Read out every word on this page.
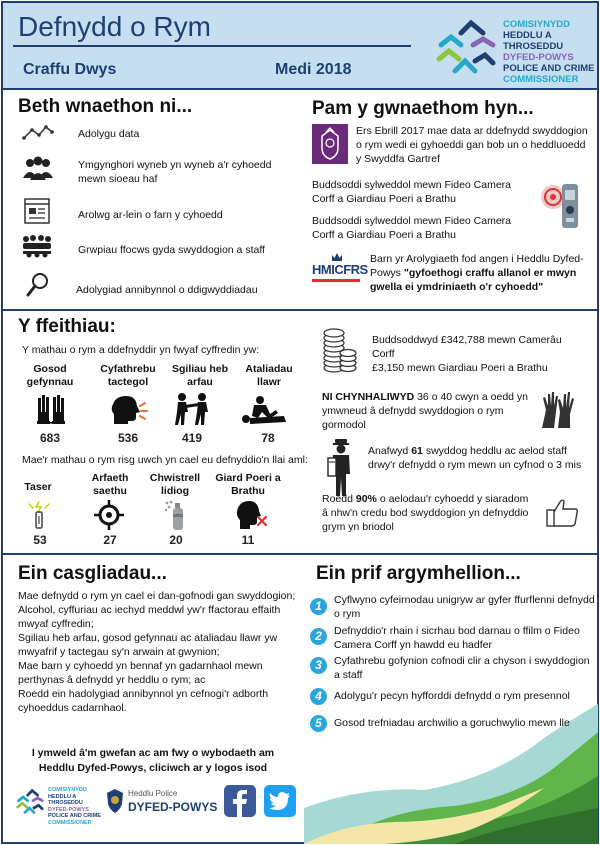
Defnydd o Rym
Craffu Dwys	Medi 2018
COMISIYNYDD
HEDDLU A THROSEDDU
DYFED-POWYS
POLICE AND CRIME
COMMISSIONER
Beth wnaethon ni...
Adolygu data
Ymgynghori wyneb yn wyneb a'r cyhoedd mewn sioeau haf
Arolwg ar-lein o farn y cyhoedd
Grwpiau ffocws gyda swyddogion a staff
Adolygiad annibynnol o ddigwyddiadau
Pam y gwnaethom hyn...
Ers Ebrill 2017 mae data ar ddefnydd swyddogion o rym wedi ei gyhoeddi gan bob un o heddluoedd y Swyddfa Gartref
Buddsoddi sylweddol mewn Fideo Camera Corff a Giardiau Poeri a Brathu
Buddsoddi sylweddol mewn Fideo Camera Corff a Giardiau Poeri a Brathu
HMICFRS
Barn yr Arolygiaeth fod angen i Heddlu Dyfed-Powys "gyfoethogi craffu allanol er mwyn gwella ei ymdriniaeth o'r cyhoedd"
Y ffeithiau:
Y mathau o rym a ddefnyddir yn fwyaf cyffredin yw:
Gosod gefynnau
683
Cyfathrebu tactegol
536
Sgiliau heb arfau
419
Ataliadau llawr
78
Mae'r mathau o rym risg uwch yn cael eu defnyddio'n llai aml:
Taser
53
Arfaeth saethu
27
Chwistrell lidiog
20
Giard Poeri a Brathu
11
Buddsoddwyd £342,788 mewn Camerâu Corff
£3,150 mewn Giardiau Poeri a Brathu
NI CHYNHALIWYD 36 o 40 cwyn a oedd yn ymwneud â defnydd swyddogion o rym gormodol
Anafwyd 61 swyddog heddlu ac aelod staff drwy'r defnydd o rym mewn un cyfnod o 3 mis
Roedd 90% o aelodau'r cyhoedd y siaradom â nhw'n credu bod swyddogion yn defnyddio grym yn briodol
Ein casgliadau...
Mae defnydd o rym yn cael ei dan-gofnodi gan swyddogion;
Alcohol, cyffuriau ac iechyd meddwl yw'r ffactorau effaith mwyaf cyffredin;
Sgiliau heb arfau, gosod gefynnau ac ataliadau llawr yw mwyafrif y tactegau sy'n arwain at gwynion;
Mae barn y cyhoedd yn bennaf yn gadarnhaol mewn perthynas â defnydd yr heddlu o rym; ac
Roedd ein hadolygiad annibynnol yn cefnogi'r adborth cyhoeddus cadarnhaol.
Ein prif argymhellion...
1	Cyflwyno cyfeirnodau unigryw ar gyfer ffurflenni defnydd o rym
2	Defnyddio'r rhain i sicrhau bod darnau o ffilm o Fideo Camera Corff yn hawdd eu hadfer
3	Cyfathrebu gofynion cofnodi clir a chyson i swyddogion a staff
4	Adolygu'r pecyn hyfforddi defnydd o rym presennol
5	Gosod trefniadau archwilio a goruchwylio mewn lle
I ymweld â'm gwefan ac am fwy o wybodaeth am Heddlu Dyfed-Powys, cliciwch ar y logos isod
COMISIYNYDD
HEDDLU A THROSEDDU
DYFED-POWYS
POLICE AND CRIME
COMMISSIONER
Heddlu Police
DYFED-POWYS
